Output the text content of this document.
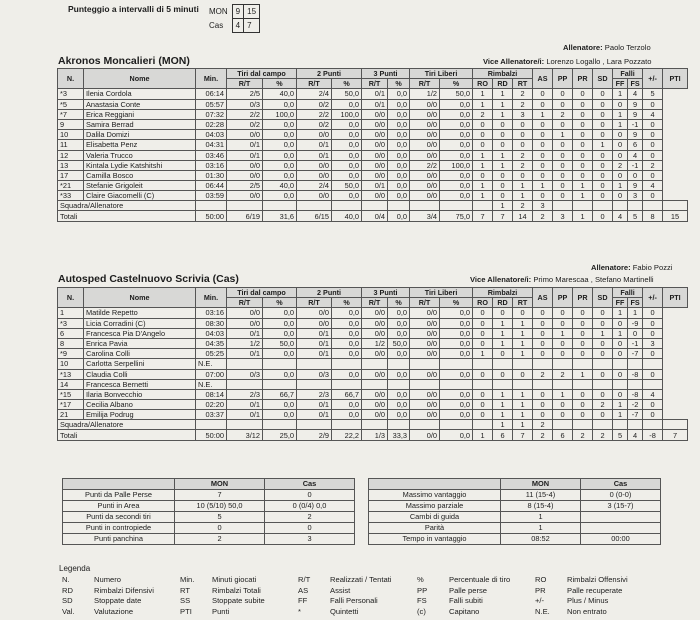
Punteggio a intervalli di 5 minuti MON	9	15
Cas	4	7
Allenatore: Paolo Terzolo
Akronos Moncalieri (MON)	Vice Allenatore/i: Lorenzo Logallo , Lara Pozzato
N.	Nome	Min.	Tiri dal campo		2 Punti		3 Punti		Tiri Liberi		Rimbalzi			AS	PP	PR	SD	Falli		+/-	PTI
			R/T	%	R/T	%	R/T	%	R/T	%	RO	RD	RT					FF	FS		
*3	Ilenia Cordola	06:14	2/5	40,0	2/4	50,0	0/1	0,0	1/2	50,0	1	1	2	0	0	0	0	1	4	5	
*5	Anastasia Conte	05:57	0/3	0,0	0/2	0,0	0/1	0,0	0/0	0,0	1	1	2	0	0	0	0	0	9	0	
*7	Erica Reggiani	07:32	2/2	100,0	2/2	100,0	0/0	0,0	0/0	0,0	2	1	3	1	2	0	0	1	9	4	
9	Samira Berrad	02:28	0/2	0,0	0/2	0,0	0/0	0,0	0/0	0,0	0	0	0	0	0	0	0	1	-1	0	
10	Dalila Domizi	04:03	0/0	0,0	0/0	0,0	0/0	0,0	0/0	0,0	0	0	0	0	1	0	0	0	9	0	
11	Elisabetta Penz	04:31	0/1	0,0	0/1	0,0	0/0	0,0	0/0	0,0	0	0	0	0	0	0	1	0	6	0	
12	Valeria Trucco	03:46	0/1	0,0	0/1	0,0	0/0	0,0	0/0	0,0	1	1	2	0	0	0	0	0	4	0	
13	Kintala Lydie Katshitshi	03:16	0/0	0,0	0/0	0,0	0/0	0,0	2/2	100,0	1	1	2	0	0	0	0	2	-1	2	
17	Camilla Bosco	01:30	0/0	0,0	0/0	0,0	0/0	0,0	0/0	0,0	0	0	0	0	0	0	0	0	0	0	
*21	Stefanie Grigoleit	06:44	2/5	40,0	2/4	50,0	0/1	0,0	0/0	0,0	1	0	1	1	0	1	0	1	9	4	
*33	Claire Giacomelli (C)	03:59	0/0	0,0	0/0	0,0	0/0	0,0	0/0	0,0	1	0	1	0	0	1	0	0	3	0	
Squadra/Allenatore												1	2	3							
Totali		50:00	6/19	31,6	6/15	40,0	0/4	0,0	3/4	75,0	7	7	14	2	3	1	0	4	5	8	15
Allenatore: Fabio Pozzi
Autosped Castelnuovo Scrivia (Cas)	Vice Allenatore/i: Primo Marescaa , Stefano Martinelli
N.	Nome	Min.	Tiri dal campo		2 Punti		3 Punti		Tiri Liberi		Rimbalzi			AS	PP	PR	SD	Falli		+/-	PTI
			R/T	%	R/T	%	R/T	%	R/T	%	RO	RD	RT					FF	FS		
1	Matilde Repetto	03:16	0/0	0,0	0/0	0,0	0/0	0,0	0/0	0,0	0	0	0	0	0	0	0	1	1	0	
*3	Licia Corradini (C)	08:30	0/0	0,0	0/0	0,0	0/0	0,0	0/0	0,0	0	1	1	0	0	0	0	0	-9	0	
6	Francesca Pia D'Angelo	04:03	0/1	0,0	0/1	0,0	0/0	0,0	0/0	0,0	0	1	1	0	1	0	1	1	0	0	
8	Enrica Pavia	04:35	1/2	50,0	0/1	0,0	1/2	50,0	0/0	0,0	0	1	1	0	0	0	0	0	-1	3	
*9	Carolina Colli	05:25	0/1	0,0	0/1	0,0	0/0	0,0	0/0	0,0	1	0	1	0	0	0	0	0	-7	0	
10	Carlotta Serpellini	N.E.																			
*13	Claudia Colli	07:00	0/3	0,0	0/3	0,0	0/0	0,0	0/0	0,0	0	0	0	2	2	1	0	0	-8	0	
14	Francesca Bernetti	N.E.																			
*15	Ilaria Bonvecchio	08:14	2/3	66,7	2/3	66,7	0/0	0,0	0/0	0,0	0	1	1	0	1	0	0	0	-8	4	
*17	Cecilia Albano	02:20	0/1	0,0	0/1	0,0	0/0	0,0	0/0	0,0	0	1	1	0	0	0	2	1	-2	0	
21	Emilija Podrug	03:37	0/1	0,0	0/1	0,0	0/0	0,0	0/0	0,0	0	1	1	0	0	0	0	1	-7	0	
Squadra/Allenatore												1	1	2							
Totali		50:00	3/12	25,0	2/9	22,2	1/3	33,3	0/0	0,0	1	6	7	2	6	2	2	5	4	-8	7
	MON	Cas
Punti da Palle Perse	7	0
Punti in Area	10 (5/10) 50,0	0 (0/4) 0,0
Punti da secondi tiri	5	2
Punti in contropiede	0	0
Punti panchina	2	3
	MON	Cas
Massimo vantaggio	11 (15-4)	0 (0-0)
Massimo parziale	8 (15-4)	3 (15-7)
Cambi di guida	1	
Parità	1	
Tempo in vantaggio	08:52	00:00
Legenda
N.	Numero	Min. Minuti giocati	R/T	Realizzati / Tentati	%	Percentuale di tiro	RO	Rimbalzi Offensivi
RD	Rimbalzi Difensivi	RT	Rimbalzi Totali	AS	Assist	PP	Palle perse	PR	Palle recuperate
SD	Stoppate date	SS	Stoppate subite	FF	Falli Personali	FS	Falli subiti	+/-	Plus / Minus
Val.	Valutazione	PTI	Punti	*	Quintetti	(c)	Capitano	N.E. Non entrato
